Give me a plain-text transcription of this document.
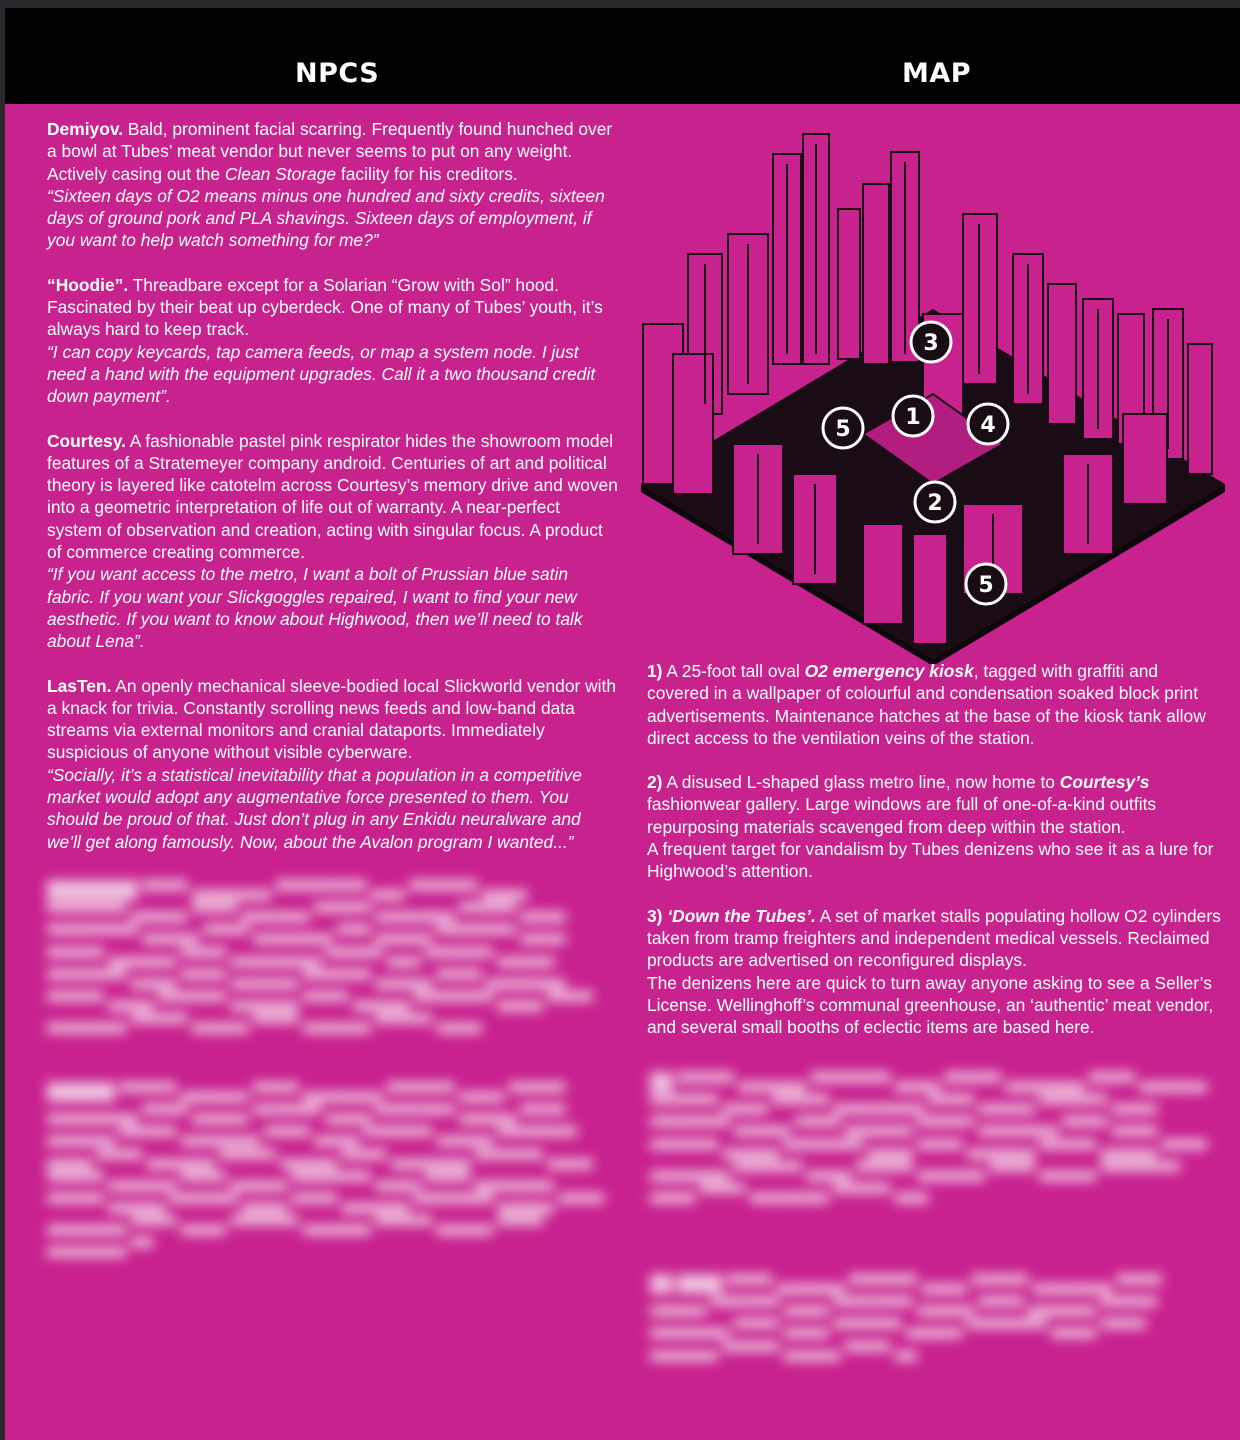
NPCS	MAP

Demiyov. Bald, prominent facial scarring. Frequently found hunched over a bowl at Tubes’ meat vendor but never seems to put on any weight. Actively casing out the Clean Storage facility for his creditors.

“Sixteen days of O2 means minus one hundred and sixty credits, sixteen days of ground pork and PLA shavings. Sixteen days of employment, if you want to help watch something for me?”

“Hoodie”. Threadbare except for a Solarian “Grow with Sol” hood. Fascinated by their beat up cyberdeck. One of many of Tubes’ youth, it’s always hard to keep track.

“I can copy keycards, tap camera feeds, or map a system node. I just need a hand with the equipment upgrades. Call it a two thousand credit down payment”.

Courtesy. A fashionable pastel pink respirator hides the showroom model features of a Stratemeyer company android. Centuries of art and political theory is layered like catotelm across Courtesy’s memory drive and woven into a geometric interpretation of life out of warranty. A near-perfect system of observation and creation, acting with singular focus. A product of commerce creating commerce.

“If you want access to the metro, I want a bolt of Prussian blue satin fabric. If you want your Slickgoggles repaired, I want to find your new aesthetic. If you want to know about Highwood, then we’ll need to talk about Lena”.

LasTen. An openly mechanical sleeve-bodied local Slickworld vendor with a knack for trivia. Constantly scrolling news feeds and low-band data streams via external monitors and cranial dataports. Immediately suspicious of anyone without visible cyberware.

“Socially, it’s a statistical inevitability that a population in a competitive market would adopt any augmentative force presented to them. You should be proud of that. Just don’t plug in any Enkidu neuralware and we’ll get along famously. Now, about the Avalon program I wanted...”

████████ ▀▀▀▀ ▄▄▄▄▄▄▄ ▀▀▀▀▀▀▀▀ ▄▄▄ ▀▀▀▀▀▀ ▄▄▄▄ ▀▀▀▀▀▀▀ ▄▄▄▄▄ ▀▀▀▀ ▄▄▄▄▄▄ ▀▀▀▀▀ ▄▄▄▄▄▄▄ ▀▀▀▀▀ ▄▄▄▄ ▀▀▀▀▀▀▀▀ ▄▄▄▄▄ ▀▀▀▀ ▄▄▄▄▄▄▄ ▀▀▀ ▄▄▄▄▄ ▀▀▀▀▀▀▀ ▄▄▄▄ ▀▀▀▀▀ ▄▄▄▄▄▄ ▀▀▀▀ ▄▄▄▄▄▄▄▄ ▀▀▀▀▀ ▄▄▄ ▀▀▀▀▀▀ ▄▄▄▄▄ ▀▀▀▀▀▀▀ ▄▄▄▄ ▀▀▀▀ ▄▄▄▄▄▄ ▀▀▀▀▀▀ ▄▄▄▄▄ ▀▀▀▀ ▄▄▄▄▄▄▄ ▀▀▀▀▀ ▄▄▄▄ ▀▀▀▀▀▀ ▄▄▄▄▄▄ ▀▀▀▀ ▄▄▄▄▄ ▀▀▀▀▀▀▀ ▄▄▄▄ ▀▀▀▀ ▄▄▄▄▄▄▄ ▀▀▀▀▀ ▄▄▄▄▄ ▀▀▀▀ ▄▄▄▄▄▄ ▀▀▀▀▀ ▄▄▄▄
██████ ▀▀▀▀▀ ▄▄▄▄▄▄ ▀▀▀▀ ▄▄▄▄▄▄▄ ▀▀▀▀▀▀ ▄▄▄▄ ▀▀▀▀▀ ▄▄▄▄▄▄▄▄ ▀▀▀▀ ▄▄▄▄▄ ▀▀▀▀▀▀ ▄▄▄▄ ▀▀▀▀▀▀▀ ▄▄▄▄▄ ▀▀▀▀ ▄▄▄▄▄▄ ▀▀▀▀▀ ▄▄▄▄▄▄▄ ▀▀▀▀ ▄▄▄▄ ▀▀▀▀▀▀ ▄▄▄▄▄ ▀▀▀▀▀▀▀ ▄▄▄▄ ▀▀▀▀ ▄▄▄▄▄▄ ▀▀▀▀▀ ▄▄▄▄▄ ▀▀▀▀ ▄▄▄▄▄▄▄ ▀▀▀▀▀▀ ▄▄▄▄ ▀▀▀▀▀ ▄▄▄▄▄▄ ▀▀▀▀ ▄▄▄▄▄ ▀▀▀▀▀▀▀ ▄▄▄▄ ▀▀▀▀ ▄▄▄▄▄▄▄ ▀▀▀▀▀ ▄▄▄▄▄ ▀▀▀▀▀▀ ▄▄▄▄ ▀▀▀▀ ▄▄▄▄▄▄ ▀▀▀▀▀▀▀ ▄▄▄▄▄ ▀▀▀▀ ▄▄▄▄▄▄▄ ▀▀▀▀ ▄▄▄▄ ▀▀▀▀▀▀ ▄▄▄▄▄▄ ▀▀▀▀▀ ▄▄▄▄▄ ▀▀▀▀ ▄▄▄▄▄▄▄ ▀▀
██ ▀▀▀▀▀ ▄▄▄▄▄▄ ▀▀▀▀▀▀▀ ▄▄▄▄ ▀▀▀▀▀ ▄▄▄▄▄▄▄ ▀▀▀▀ ▄▄▄▄▄▄ ▀▀▀▀▀▀ ▄▄▄▄ ▀▀▀▀▀ ▄▄▄▄▄▄▄▄ ▀▀▀▀ ▄▄▄▄▄ ▀▀▀▀▀▀ ▄▄▄▄ ▀▀▀▀▀▀▀ ▄▄▄▄▄ ▀▀▀▀ ▄▄▄▄▄▄ ▀▀▀▀▀ ▄▄▄▄▄▄▄ ▀▀▀▀ ▄▄▄▄ ▀▀▀▀▀▀ ▄▄▄▄▄ ▀▀▀▀▀▀▀ ▄▄▄▄ ▀▀▀▀ ▄▄▄▄▄▄ ▀▀▀▀▀ ▄▄▄▄▄ ▀▀▀▀ ▄▄▄▄▄▄▄ ▀▀▀▀▀▀ ▄▄▄▄ ▀▀▀▀▀ ▄▄▄▄▄▄ ▀▀▀▀ ▄▄▄▄▄ ▀▀▀▀▀▀▀ ▄▄▄▄ ▀▀▀▀ ▄▄▄▄▄▄▄ ▀▀▀▀▀ ▄▄▄
██ ████ ▀▀▀▀ ▄▄▄▄▄▄ ▀▀▀▀▀▀ ▄▄▄▄ ▀▀▀▀▀ ▄▄▄▄▄▄▄ ▀▀▀▀ ▄▄▄▄▄ ▀▀▀▀▀▀ ▄▄▄▄ ▀▀▀▀▀▀▀ ▄▄▄▄▄ ▀▀▀▀ ▄▄▄▄▄▄ ▀▀▀▀▀ ▄▄▄▄▄▄▄ ▀▀▀▀ ▄▄▄▄ ▀▀▀▀▀▀ ▄▄▄▄▄ ▀▀▀▀▀▀▀ ▄▄▄▄ ▀▀▀▀ ▄▄▄▄▄▄ ▀▀▀▀▀ ▄▄▄▄▄ ▀▀▀▀ ▄▄
3
1
5	4
2
5

1) A 25-foot tall oval O2 emergency kiosk, tagged with graffiti and covered in a wallpaper of colourful and condensation soaked block print advertisements. Maintenance hatches at the base of the kiosk tank allow direct access to the ventilation veins of the station.

2) A disused L-shaped glass metro line, now home to Courtesy’s fashionwear gallery. Large windows are full of one-of-a-kind outfits repurposing materials scavenged from deep within the station.

A frequent target for vandalism by Tubes denizens who see it as a lure for Highwood’s attention.

3) ‘Down the Tubes’. A set of market stalls populating hollow O2 cylinders taken from tramp freighters and independent medical vessels. Reclaimed products are advertised on reconfigured displays.

The denizens here are quick to turn away anyone asking to see a Seller’s License. Wellinghoff’s communal greenhouse, an ‘authentic’ meat vendor, and several small booths of eclectic items are based here.
